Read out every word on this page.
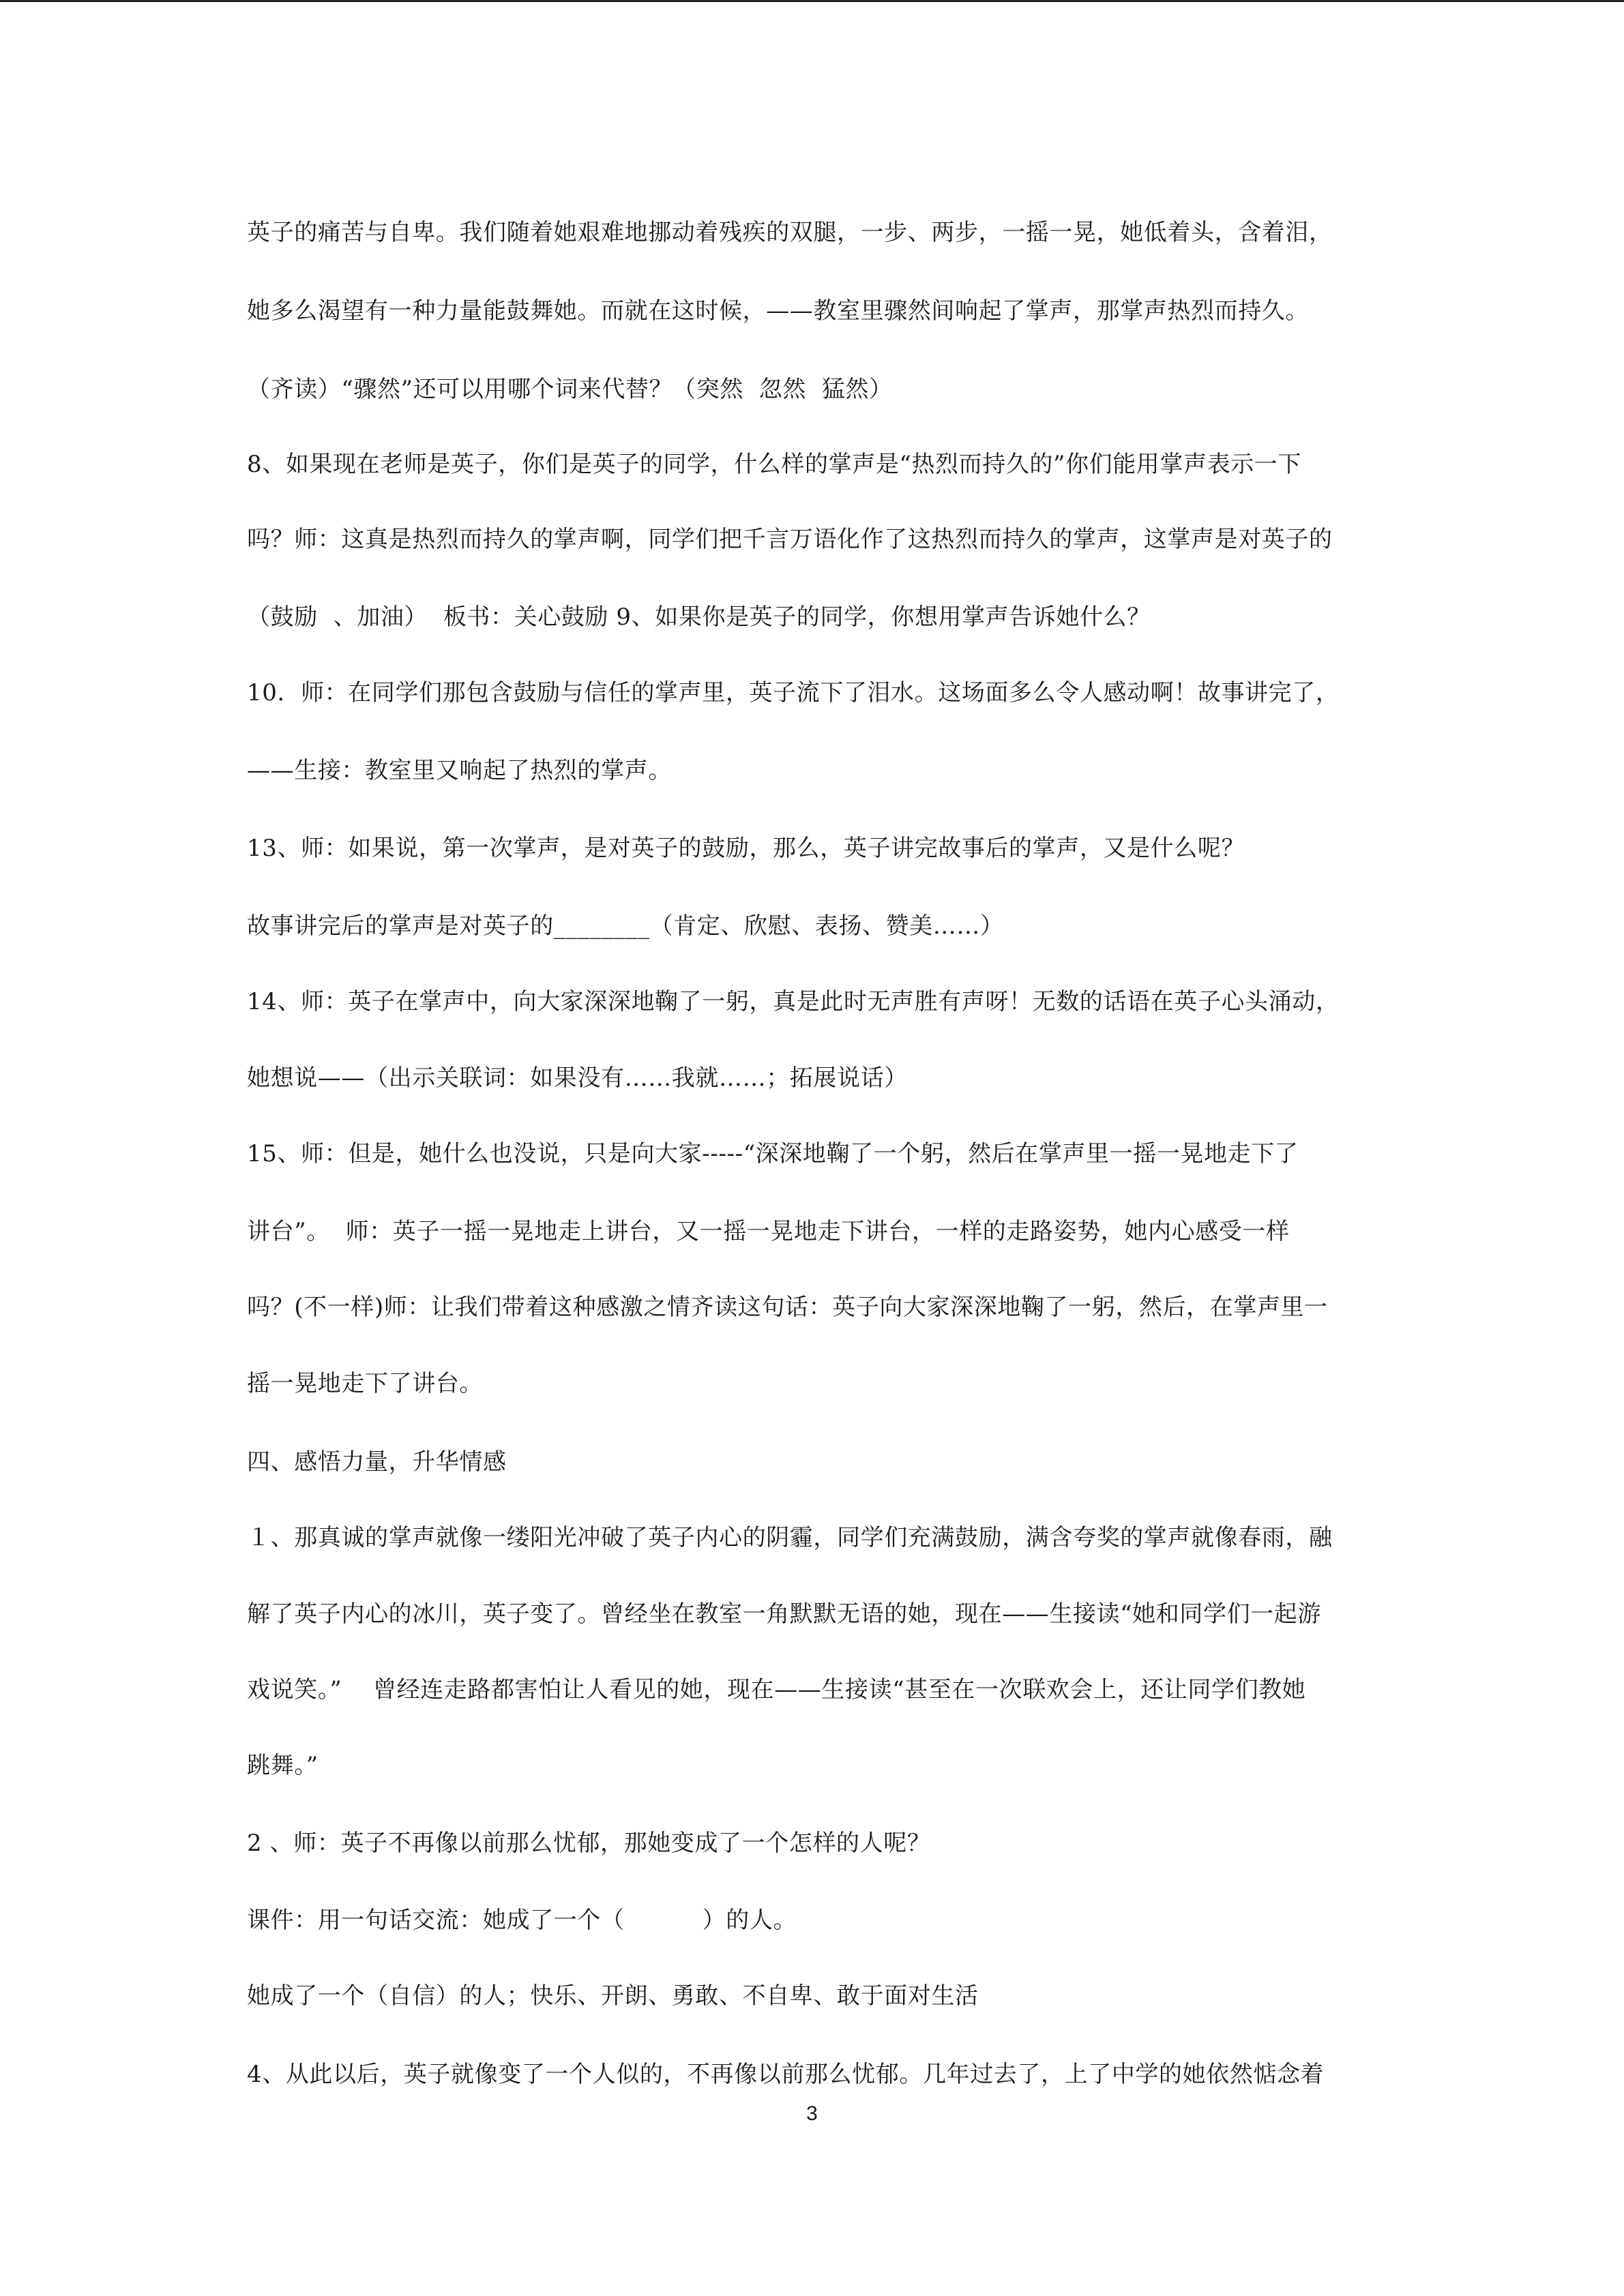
英子的痛苦与自卑。我们随着她艰难地挪动着残疾的双腿，一步、两步，一摇一晃，她低着头，含着泪，
她多么渴望有一种力量能鼓舞她。而就在这时候，——教室里骤然间响起了掌声，那掌声热烈而持久。
（齐读）“骤然”还可以用哪个词来代替？（突然  忽然  猛然）
8、如果现在老师是英子，你们是英子的同学，什么样的掌声是“热烈而持久的”你们能用掌声表示一下
吗？师：这真是热烈而持久的掌声啊，同学们把千言万语化作了这热烈而持久的掌声，这掌声是对英子的
（鼓励  、加油）  板书：关心鼓励 9、如果你是英子的同学，你想用掌声告诉她什么？
10．师：在同学们那包含鼓励与信任的掌声里，英子流下了泪水。这场面多么令人感动啊！故事讲完了，
——生接：教室里又响起了热烈的掌声。
13、师：如果说，第一次掌声，是对英子的鼓励，那么，英子讲完故事后的掌声，又是什么呢？
故事讲完后的掌声是对英子的________（肯定、欣慰、表扬、赞美……）
14、师：英子在掌声中，向大家深深地鞠了一躬，真是此时无声胜有声呀！无数的话语在英子心头涌动，
她想说——（出示关联词：如果没有……我就……；拓展说话）
15、师：但是，她什么也没说，只是向大家-----“深深地鞠了一个躬，然后在掌声里一摇一晃地走下了
讲台”。  师：英子一摇一晃地走上讲台，又一摇一晃地走下讲台，一样的走路姿势，她内心感受一样
吗？(不一样)师：让我们带着这种感激之情齐读这句话：英子向大家深深地鞠了一躬，然后，在掌声里一
摇一晃地走下了讲台。
四、感悟力量，升华情感
１、那真诚的掌声就像一缕阳光冲破了英子内心的阴霾，同学们充满鼓励，满含夸奖的掌声就像春雨，融
解了英子内心的冰川，英子变了。曾经坐在教室一角默默无语的她，现在——生接读“她和同学们一起游
戏说笑。”    曾经连走路都害怕让人看见的她，现在——生接读“甚至在一次联欢会上，还让同学们教她
跳舞。”
2 、师：英子不再像以前那么忧郁，那她变成了一个怎样的人呢？
课件：用一句话交流：她成了一个（          ）的人。
她成了一个（自信）的人；快乐、开朗、勇敢、不自卑、敢于面对生活
4、从此以后，英子就像变了一个人似的，不再像以前那么忧郁。几年过去了，上了中学的她依然惦念着
3
